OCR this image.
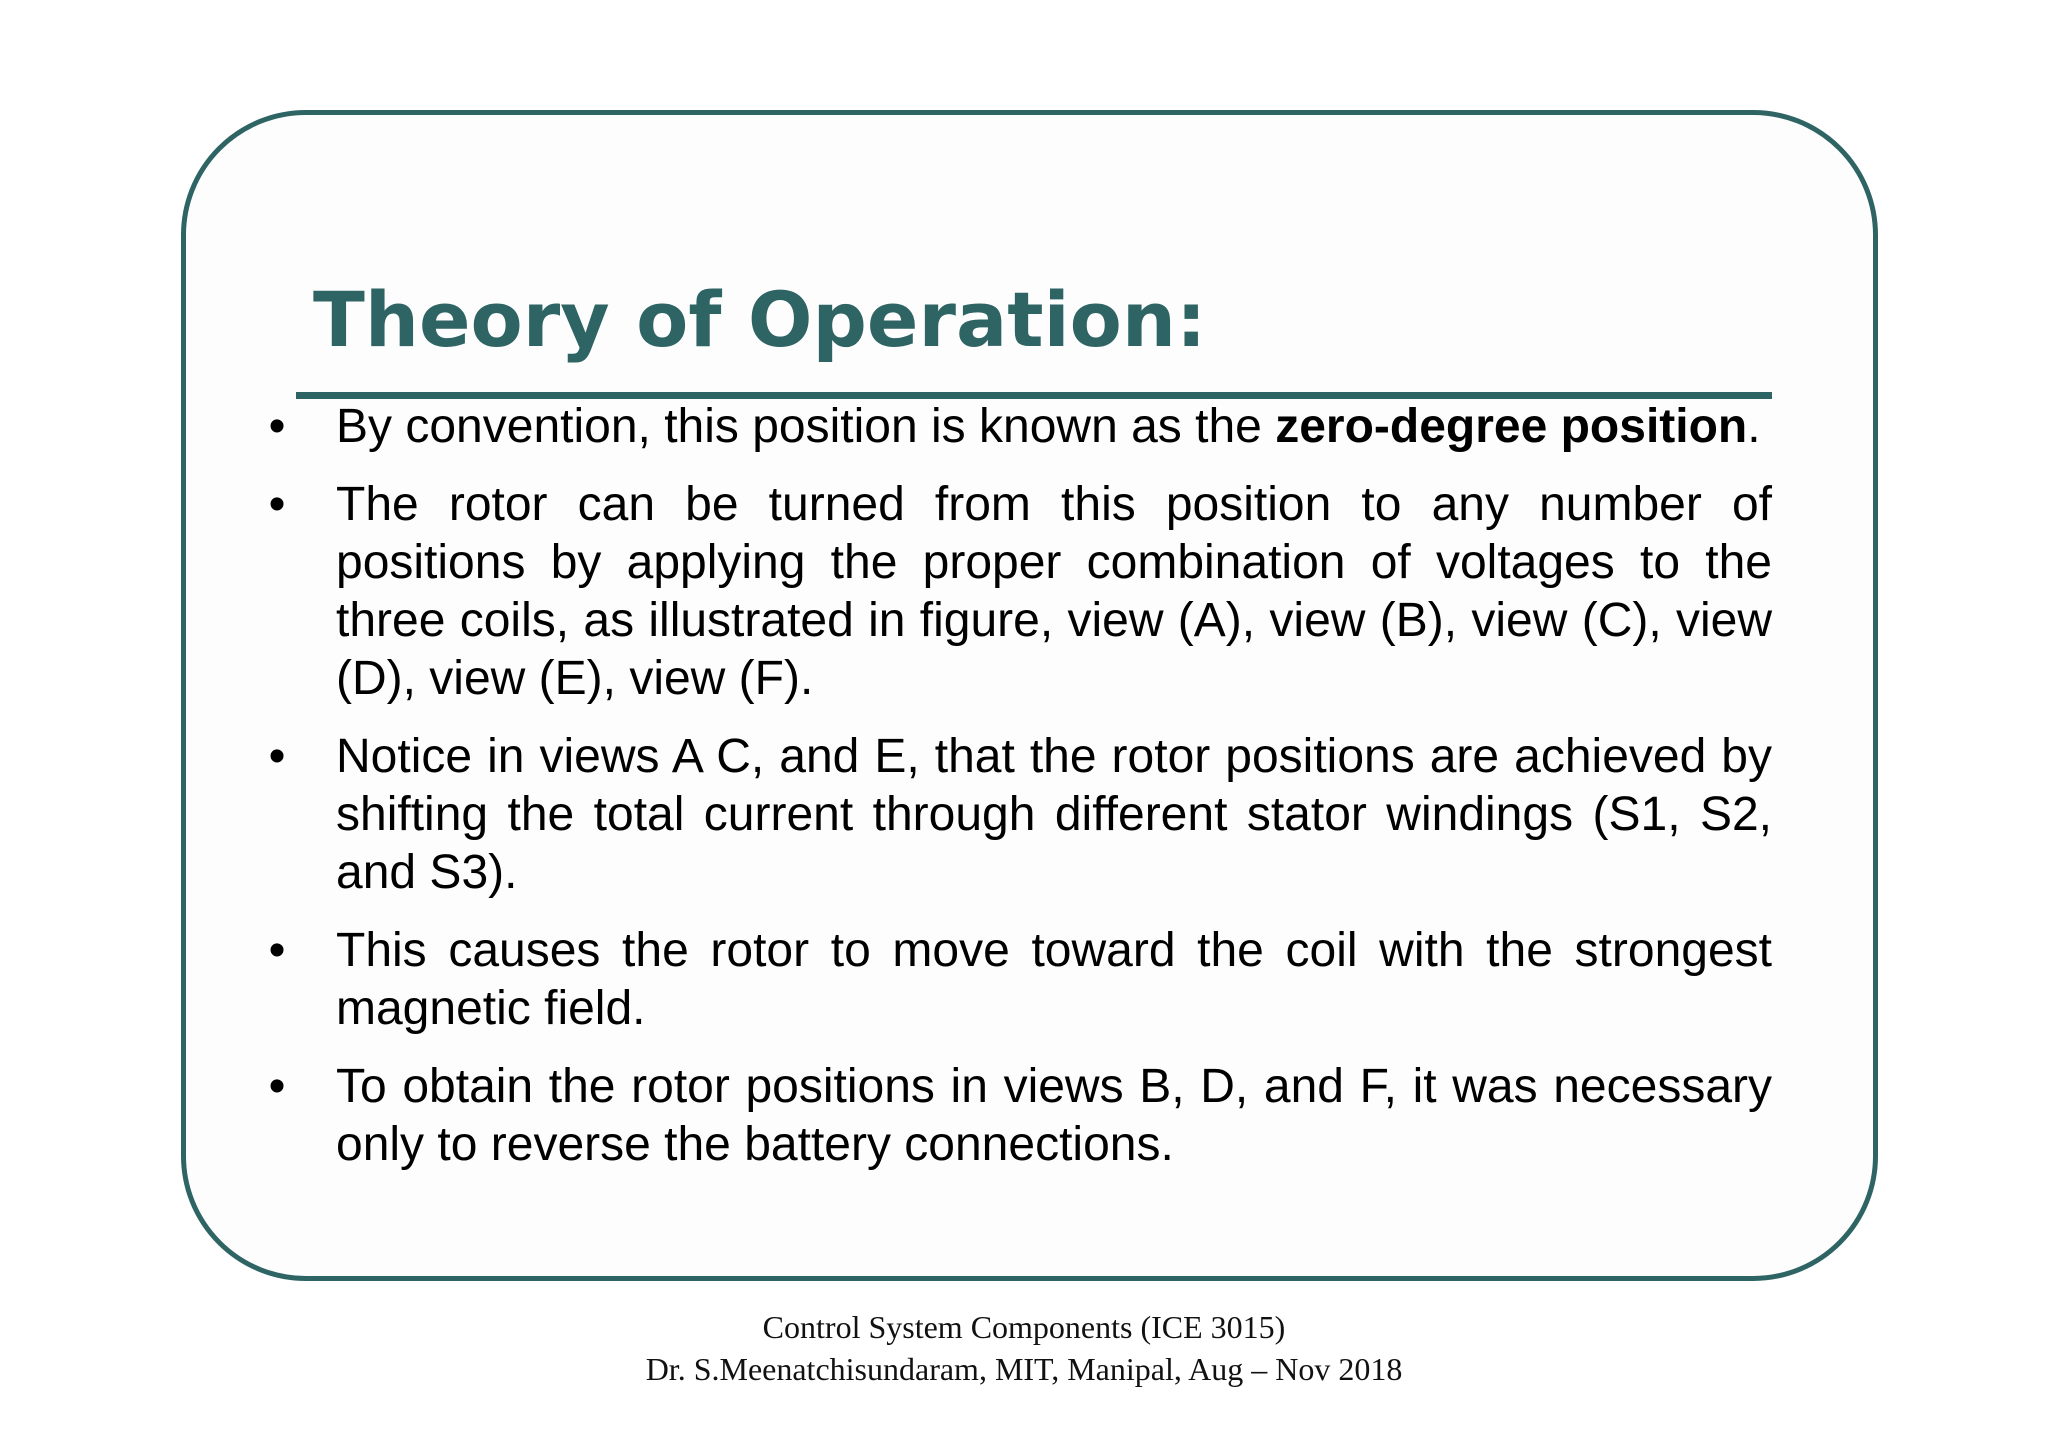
Theory of Operation:
• By convention, this position is known as the zero-degree position.
• The rotor can be turned from this position to any number of positions by applying the proper combination of voltages to the three coils, as illustrated in figure, view (A), view (B), view (C), view (D), view (E), view (F).
• Notice in views A C, and E, that the rotor positions are achieved by shifting the total current through different stator windings (S1, S2, and S3).
• This causes the rotor to move toward the coil with the strongest magnetic field.
• To obtain the rotor positions in views B, D, and F, it was necessary only to reverse the battery connections.
Control System Components (ICE 3015)
Dr. S.Meenatchisundaram, MIT, Manipal, Aug – Nov 2018
